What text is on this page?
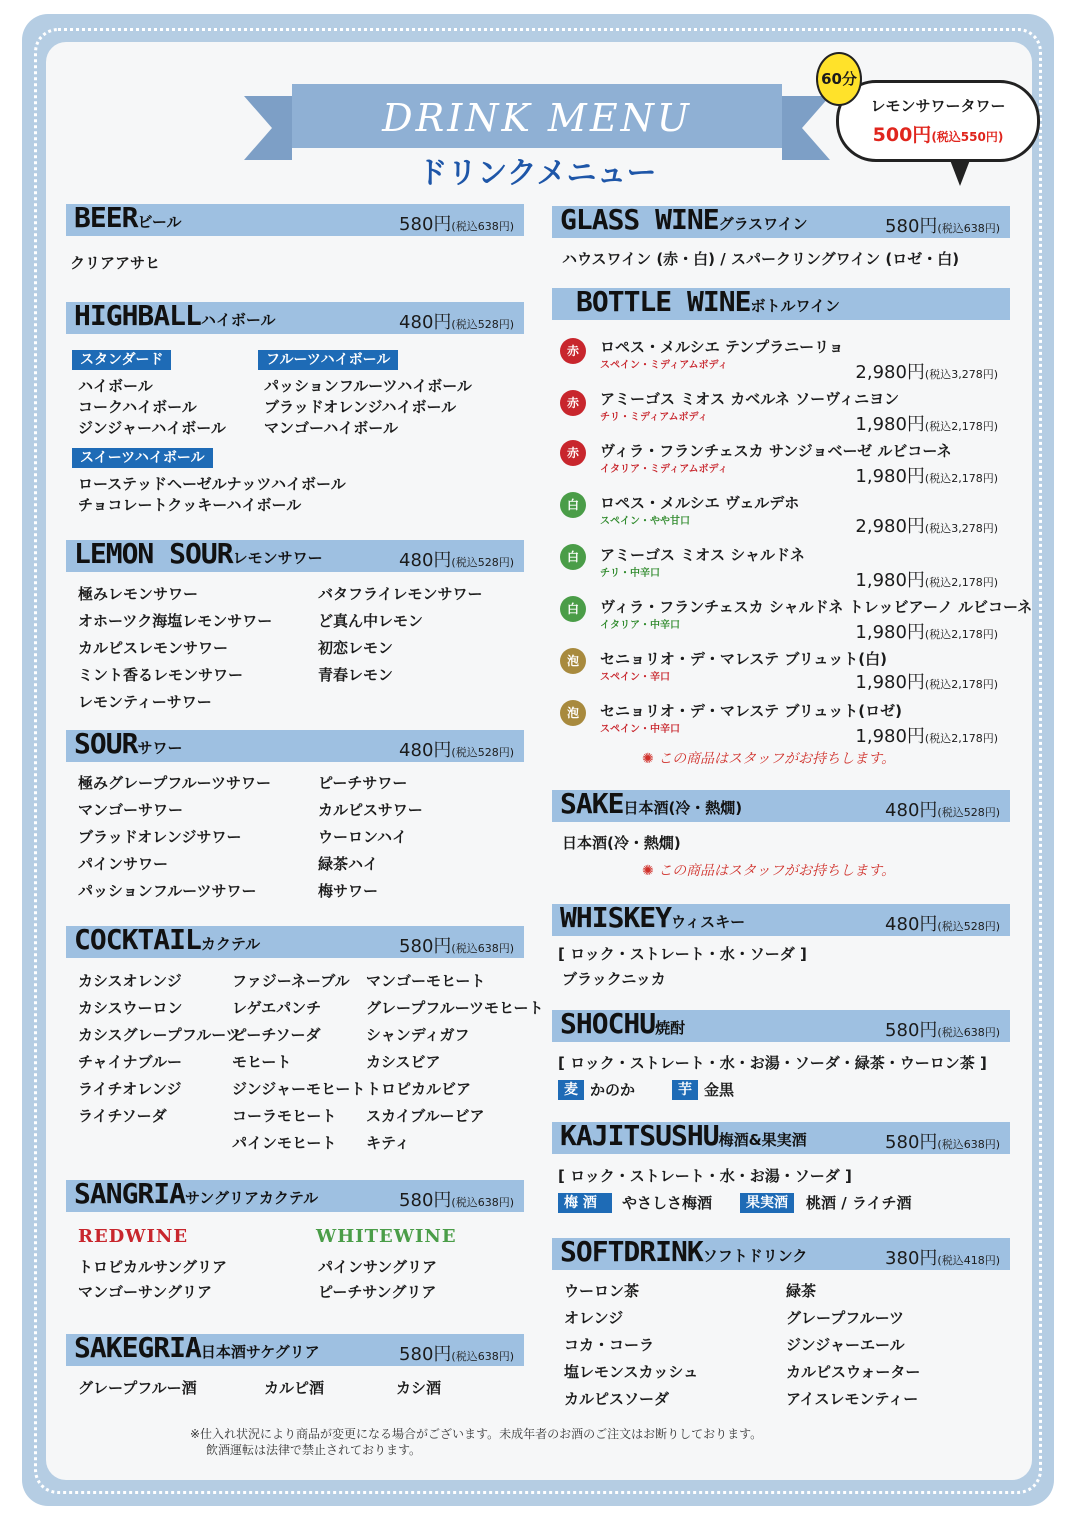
DRINK MENU
ドリンクメニュー
レモンサワータワー
500円(税込550円)
60分
BEERビール	580円(税込638円)
クリアアサヒ
HIGHBALLハイボール	480円(税込528円)
スタンダード
ハイボール
コークハイボール
ジンジャーハイボール
フルーツハイボール
パッションフルーツハイボール
ブラッドオレンジハイボール
マンゴーハイボール
スイーツハイボール
ローステッドヘーゼルナッツハイボール
チョコレートクッキーハイボール
LEMON SOURレモンサワー	480円(税込528円)
極みレモンサワー
オホーツク海塩レモンサワー
カルピスレモンサワー
ミント香るレモンサワー
レモンティーサワー
バタフライレモンサワー
ど真ん中レモン
初恋レモン
青春レモン
SOURサワー	480円(税込528円)
極みグレープフルーツサワー
マンゴーサワー
ブラッドオレンジサワー
パインサワー
パッションフルーツサワー
ピーチサワー
カルピスサワー
ウーロンハイ
緑茶ハイ
梅サワー
COCKTAILカクテル	580円(税込638円)
カシスオレンジ
カシスウーロン
カシスグレープフルーツ
チャイナブルー
ライチオレンジ
ライチソーダ
ファジーネーブル
レゲエパンチ
ピーチソーダ
モヒート
ジンジャーモヒート
コーラモヒート
パインモヒート
マンゴーモヒート
グレープフルーツモヒート
シャンディガフ
カシスビア
トロピカルビア
スカイブルービア
キティ
SANGRIAサングリアカクテル	580円(税込638円)
REDWINE	WHITEWINE
トロピカルサングリア
マンゴーサングリア
パインサングリア
ピーチサングリア
SAKEGRIA日本酒サケグリア	580円(税込638円)
グレープフルー酒	カルピ酒	カシ酒
GLASS WINEグラスワイン	580円(税込638円)
ハウスワイン (赤・白) / スパークリングワイン (ロゼ・白)
BOTTLE WINEボトルワイン
赤	ロペス・メルシエ テンプラニーリョ
スペイン・ミディアムボディ	2,980円(税込3,278円)
赤	アミーゴス ミオス カベルネ ソーヴィニヨン
チリ・ミディアムボディ	1,980円(税込2,178円)
赤	ヴィラ・フランチェスカ サンジョベーゼ ルビコーネ
イタリア・ミディアムボディ	1,980円(税込2,178円)
白	ロペス・メルシエ ヴェルデホ
スペイン・やや甘口	2,980円(税込3,278円)
白	アミーゴス ミオス シャルドネ
チリ・中辛口	1,980円(税込2,178円)
白	ヴィラ・フランチェスカ シャルドネ トレッビアーノ ルビコーネ
イタリア・中辛口	1,980円(税込2,178円)
泡	セニョリオ・デ・マレステ ブリュット(白)
スペイン・辛口	1,980円(税込2,178円)
泡	セニョリオ・デ・マレステ ブリュット(ロゼ)
スペイン・中辛口	1,980円(税込2,178円)
✺ この商品はスタッフがお持ちします。
SAKE日本酒(冷・熱燗)	480円(税込528円)
日本酒(冷・熱燗)
✺ この商品はスタッフがお持ちします。
WHISKEYウィスキー	480円(税込528円)
[ ロック・ストレート・水・ソーダ ]
ブラックニッカ
SHOCHU焼酎	580円(税込638円)
[ ロック・ストレート・水・お湯・ソーダ・緑茶・ウーロン茶 ]
麦 かのか	芋 金黒
KAJITSUSHU梅酒&果実酒	580円(税込638円)
[ ロック・ストレート・水・お湯・ソーダ ]
梅 酒	やさしさ梅酒	果実酒	桃酒 / ライチ酒
SOFTDRINKソフトドリンク	380円(税込418円)
ウーロン茶
オレンジ
コカ・コーラ
塩レモンスカッシュ
カルピスソーダ
緑茶
グレープフルーツ
ジンジャーエール
カルピスウォーター
アイスレモンティー
※仕入れ状況により商品が変更になる場合がございます。未成年者のお酒のご注文はお断りしております。
飲酒運転は法律で禁止されております。
